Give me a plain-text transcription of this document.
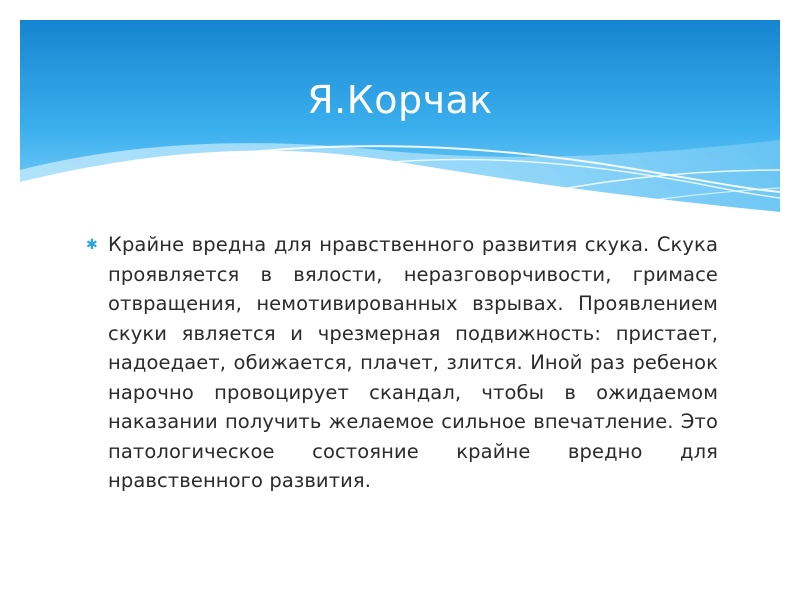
Я.Корчак
✱ Крайне вредна для нравственного развития скука. Скука проявляется в вялости, неразговорчивости, гримасе отвращения, немотивированных взрывах. Проявлением скуки является и чрезмерная подвижность: пристает, надоедает, обижается, плачет, злится. Иной раз ребенок нарочно провоцирует скандал, чтобы в ожидаемом наказании получить желаемое сильное впечатление. Это патологическое состояние крайне вредно для нравственного развития.
